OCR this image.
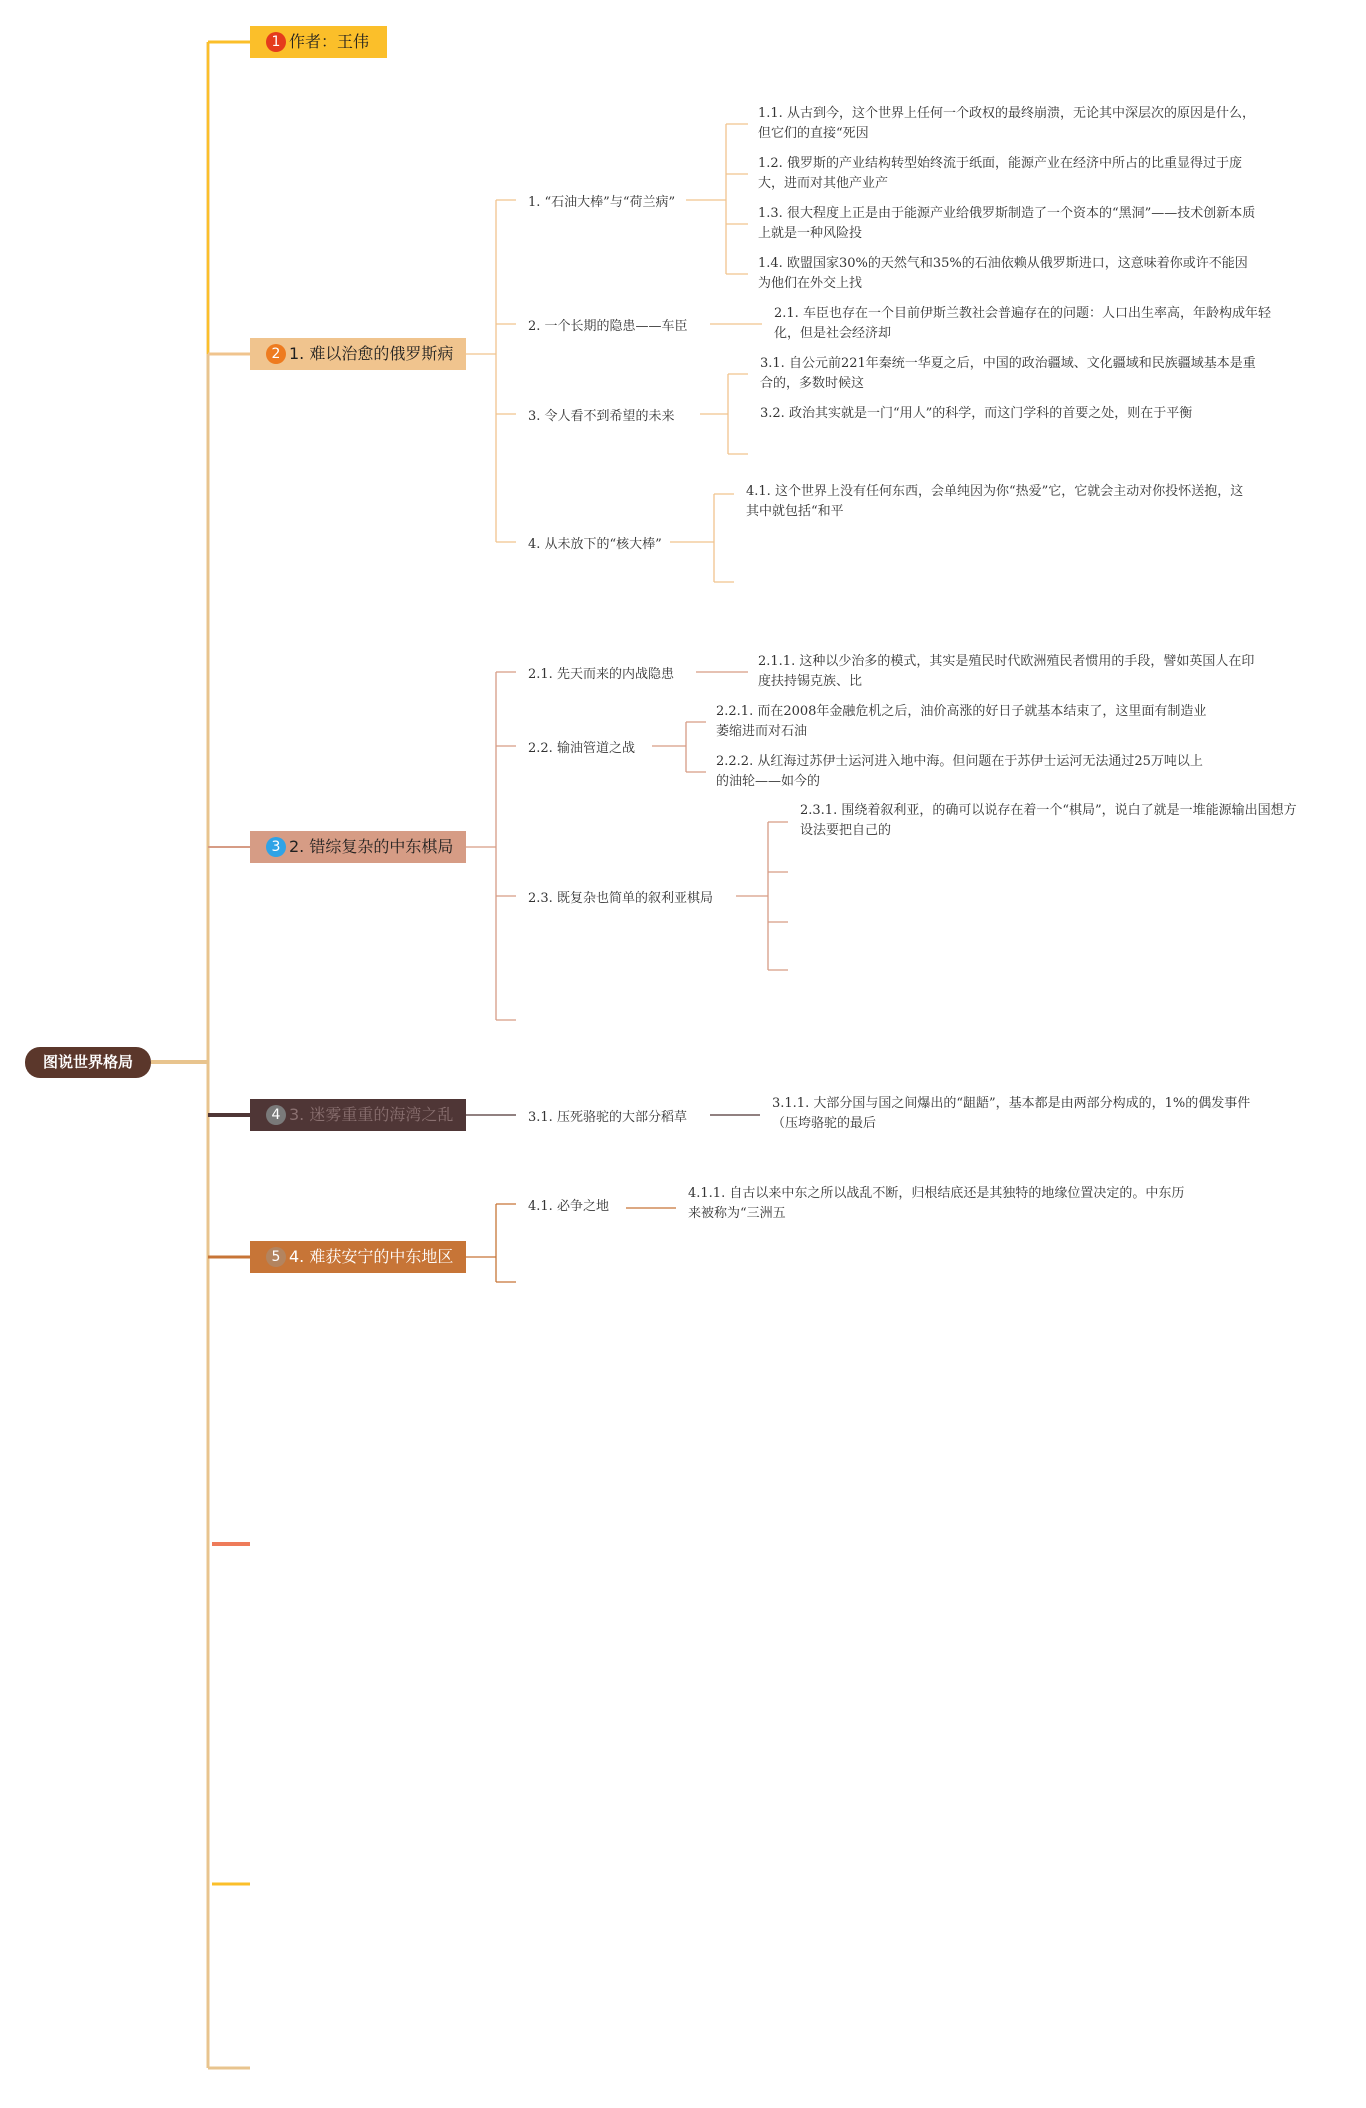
图说世界格局
1 作者：王伟
2 1. 难以治愈的俄罗斯病
3 2. 错综复杂的中东棋局
4 3. 迷雾重重的海湾之乱
5 4. 难获安宁的中东地区
1. “石油大棒”与“荷兰病”
2. 一个长期的隐患——车臣
3. 令人看不到希望的未来
4. 从未放下的“核大棒”
1.1. 从古到今，这个世界上任何一个政权的最终崩溃，无论其中深层次的原因是什么，但它们的直接“死因
1.2. 俄罗斯的产业结构转型始终流于纸面，能源产业在经济中所占的比重显得过于庞大，进而对其他产业产
1.3. 很大程度上正是由于能源产业给俄罗斯制造了一个资本的“黑洞”——技术创新本质上就是一种风险投
1.4. 欧盟国家30%的天然气和35%的石油依赖从俄罗斯进口，这意味着你或许不能因为他们在外交上找
2.1. 车臣也存在一个目前伊斯兰教社会普遍存在的问题：人口出生率高，年龄构成年轻化，但是社会经济却
3.1. 自公元前221年秦统一华夏之后，中国的政治疆域、文化疆域和民族疆域基本是重合的，多数时候这
3.2. 政治其实就是一门“用人”的科学，而这门学科的首要之处，则在于平衡
4.1. 这个世界上没有任何东西，会单纯因为你“热爱”它，它就会主动对你投怀送抱，这其中就包括“和平
2.1. 先天而来的内战隐患
2.2. 输油管道之战
2.3. 既复杂也简单的叙利亚棋局
2.1.1. 这种以少治多的模式，其实是殖民时代欧洲殖民者惯用的手段，譬如英国人在印度扶持锡克族、比
2.2.1. 而在2008年金融危机之后，油价高涨的好日子就基本结束了，这里面有制造业萎缩进而对石油
2.2.2. 从红海过苏伊士运河进入地中海。但问题在于苏伊士运河无法通过25万吨以上的油轮——如今的
2.3.1. 围绕着叙利亚，的确可以说存在着一个“棋局”，说白了就是一堆能源输出国想方设法要把自己的
3.1. 压死骆驼的大部分稻草
3.1.1. 大部分国与国之间爆出的“龃龉”，基本都是由两部分构成的，1%的偶发事件（压垮骆驼的最后
4.1. 必争之地
4.1.1. 自古以来中东之所以战乱不断，归根结底还是其独特的地缘位置决定的。中东历来被称为“三洲五
